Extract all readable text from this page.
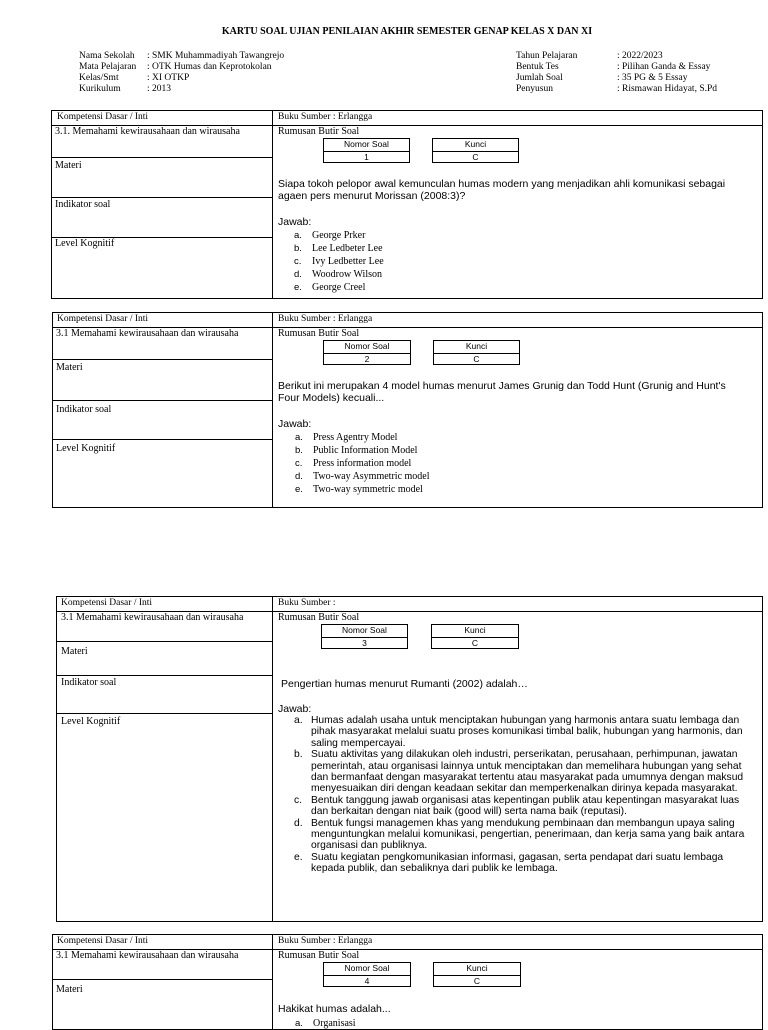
KARTU SOAL UJIAN PENILAIAN AKHIR SEMESTER GENAP KELAS X DAN XI
Nama Sekolah : SMK Muhammadiyah Tawangrejo
Mata Pelajaran : OTK Humas dan Keprotokolan
Kelas/Smt	: XI OTKP
Kurikulum	: 2013
Tahun Pelajaran	: 2022/2023
Bentuk Tes	: Pilihan Ganda & Essay
Jumlah Soal	: 35 PG & 5 Essay
Penyusun	: Rismawan Hidayat, S.Pd
Kompetensi Dasar / Inti	Buku Sumber : Erlangga
3.1. Memahami kewirausahaan dan wirausaha
Materi
Indikator soal
Level Kognitif
Rumusan Butir Soal
Nomor Soal
1
Kunci
C
Siapa tokoh pelopor awal kemunculan humas modern yang menjadikan ahli komunikasi sebagai agaen pers menurut Morissan (2008:3)?
Jawab:
a. George Prker
b. Lee Ledbeter Lee
c. Ivy Ledbetter Lee
d. Woodrow Wilson
e. George Creel
Kompetensi Dasar / Inti	Buku Sumber : Erlangga
3.1 Memahami kewirausahaan dan wirausaha
Materi
Indikator soal
Level Kognitif
Rumusan Butir Soal
Nomor Soal
2
Kunci
C
Berikut ini merupakan 4 model humas menurut James Grunig dan Todd Hunt (Grunig and Hunt's Four Models) kecuali...
Jawab:
a. Press Agentry Model
b. Public Information Model
c. Press information model
d. Two-way Asymmetric model
e. Two-way symmetric model
Kompetensi Dasar / Inti	Buku Sumber :
3.1 Memahami kewirausahaan dan wirausaha
Materi
Indikator soal
Level Kognitif
Rumusan Butir Soal
Nomor Soal
3
Kunci
C
Pengertian humas menurut Rumanti (2002) adalah…
Jawab:
a. Humas adalah usaha untuk menciptakan hubungan yang harmonis antara suatu lembaga dan pihak masyarakat melalui suatu proses komunikasi timbal balik, hubungan yang harmonis, dan saling mempercayai.
b. Suatu aktivitas yang dilakukan oleh industri, perserikatan, perusahaan, perhimpunan, jawatan pemerintah, atau organisasi lainnya untuk menciptakan dan memelihara hubungan yang sehat dan bermanfaat dengan masyarakat tertentu atau masyarakat pada umumnya dengan maksud menyesuaikan diri dengan keadaan sekitar dan memperkenalkan dirinya kepada masyarakat.
c. Bentuk tanggung jawab organisasi atas kepentingan publik atau kepentingan masyarakat luas dan berkaitan dengan niat baik (good will) serta nama baik (reputasi).
d. Bentuk fungsi managemen khas yang mendukung pembinaan dan membangun upaya saling menguntungkan melalui komunikasi, pengertian, penerimaan, dan kerja sama yang baik antara organisasi dan publiknya.
e. Suatu kegiatan pengkomunikasian informasi, gagasan, serta pendapat dari suatu lembaga kepada publik, dan sebaliknya dari publik ke lembaga.
Kompetensi Dasar / Inti	Buku Sumber : Erlangga
3.1 Memahami kewirausahaan dan wirausaha
Materi
Rumusan Butir Soal
Nomor Soal
4
Kunci
C
Hakikat humas adalah...
a. Organisasi
